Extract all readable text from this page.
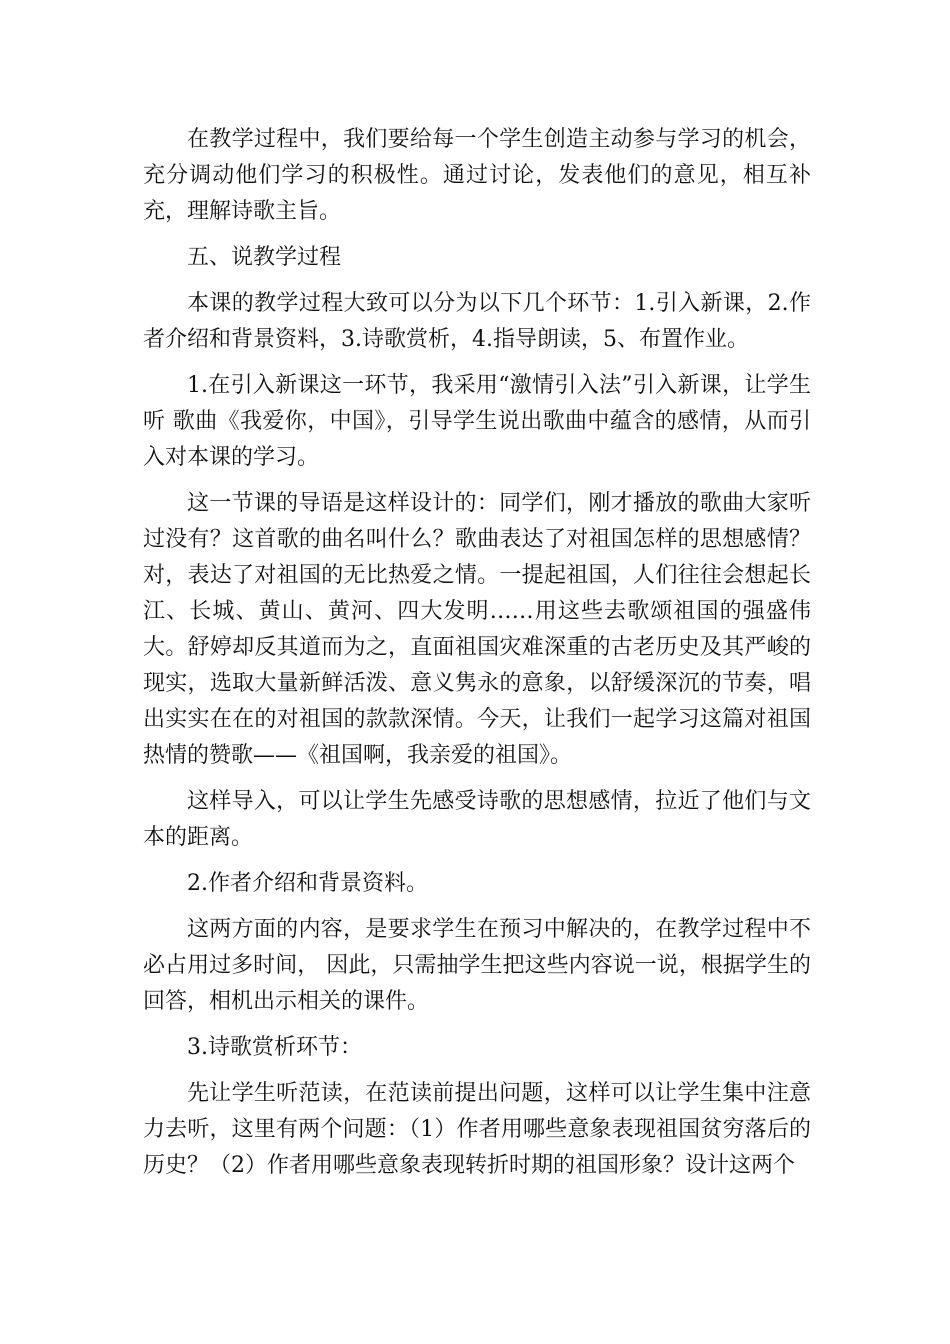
在教学过程中，我们要给每一个学生创造主动参与学习的机会，充分调动他们学习的积极性。通过讨论，发表他们的意见，相互补充，理解诗歌主旨。

五、说教学过程

本课的教学过程大致可以分为以下几个环节：1.引入新课，2.作者介绍和背景资料，3.诗歌赏析，4.指导朗读，5、布置作业。

1.在引入新课这一环节，我采用“激情引入法”引入新课，让学生听 歌曲《我爱你，中国》，引导学生说出歌曲中蕴含的感情，从而引入对本课的学习。

这一节课的导语是这样设计的：同学们，刚才播放的歌曲大家听过没有？这首歌的曲名叫什么？歌曲表达了对祖国怎样的思想感情？对，表达了对祖国的无比热爱之情。一提起祖国，人们往往会想起长江、长城、黄山、黄河、四大发明……用这些去歌颂祖国的强盛伟大。舒婷却反其道而为之，直面祖国灾难深重的古老历史及其严峻的现实，选取大量新鲜活泼、意义隽永的意象，以舒缓深沉的节奏，唱出实实在在的对祖国的款款深情。今天，让我们一起学习这篇对祖国热情的赞歌——《祖国啊，我亲爱的祖国》。

这样导入，可以让学生先感受诗歌的思想感情，拉近了他们与文本的距离。

2.作者介绍和背景资料。

这两方面的内容，是要求学生在预习中解决的，在教学过程中不必占用过多时间， 因此，只需抽学生把这些内容说一说，根据学生的回答，相机出示相关的课件。

3.诗歌赏析环节：

先让学生听范读，在范读前提出问题，这样可以让学生集中注意力去听，这里有两个问题：（1）作者用哪些意象表现祖国贫穷落后的历史？（2）作者用哪些意象表现转折时期的祖国形象？设计这两个
